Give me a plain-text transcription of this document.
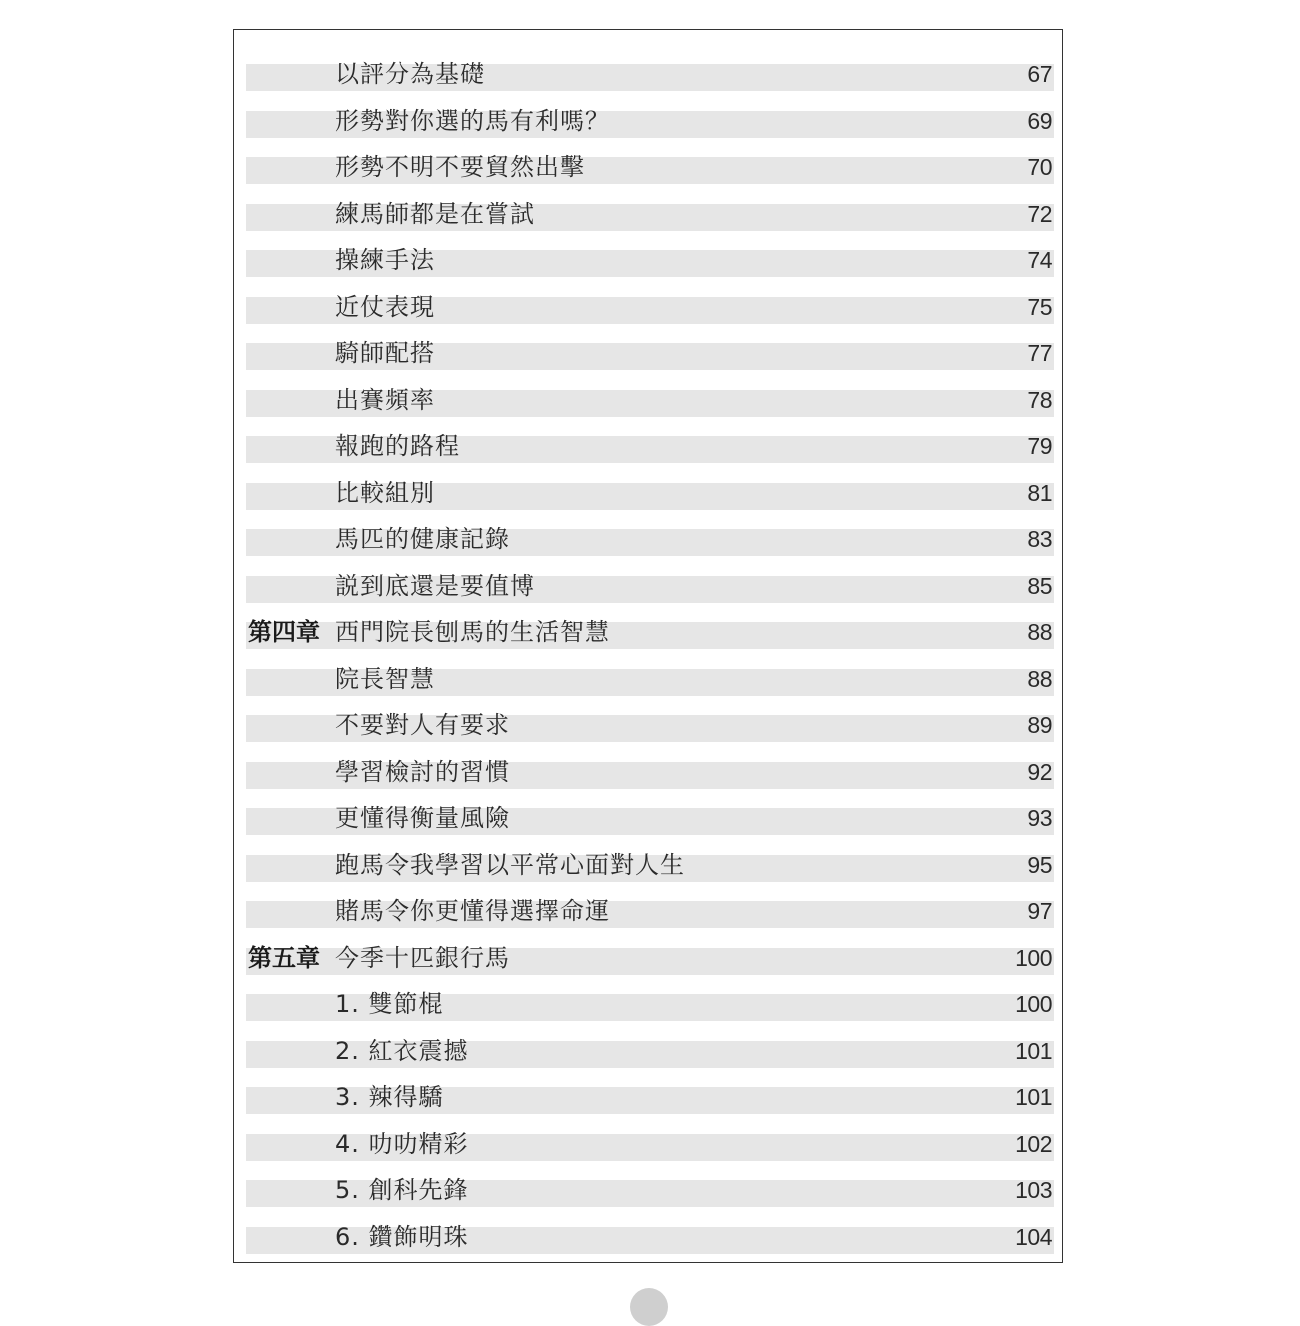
以評分為基礎	67
形勢對你選的馬有利嗎？	69
形勢不明不要貿然出擊	70
練馬師都是在嘗試	72
操練手法	74
近仗表現	75
騎師配搭	77
出賽頻率	78
報跑的路程	79
比較組別	81
馬匹的健康記錄	83
説到底還是要值博	85
第四章 西門院長刨馬的生活智慧	88
院長智慧	88
不要對人有要求	89
學習檢討的習慣	92
更懂得衡量風險	93
跑馬令我學習以平常心面對人生	95
賭馬令你更懂得選擇命運	97
第五章 今季十匹銀行馬	100
1. 雙節棍	100
2. 紅衣震撼	101
3. 辣得驕	101
4. 叻叻精彩	102
5. 創科先鋒	103
6. 鑽飾明珠	104
